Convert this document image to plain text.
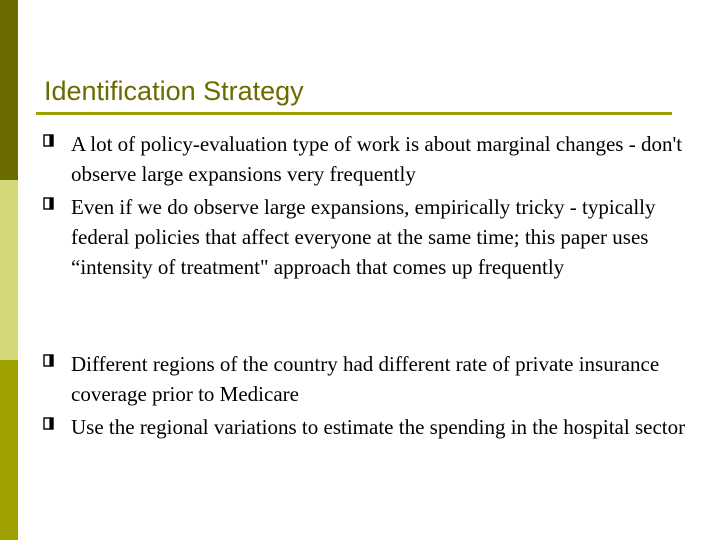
Identification Strategy
A lot of policy-evaluation type of work is about marginal changes - don't observe large expansions very frequently
Even if we do observe large expansions, empirically tricky - typically federal policies that affect everyone at the same time; this paper uses “intensity of treatment" approach that comes up frequently
Different regions of the country had different rate of private insurance coverage prior to Medicare
Use the regional variations to estimate the spending in the hospital sector
